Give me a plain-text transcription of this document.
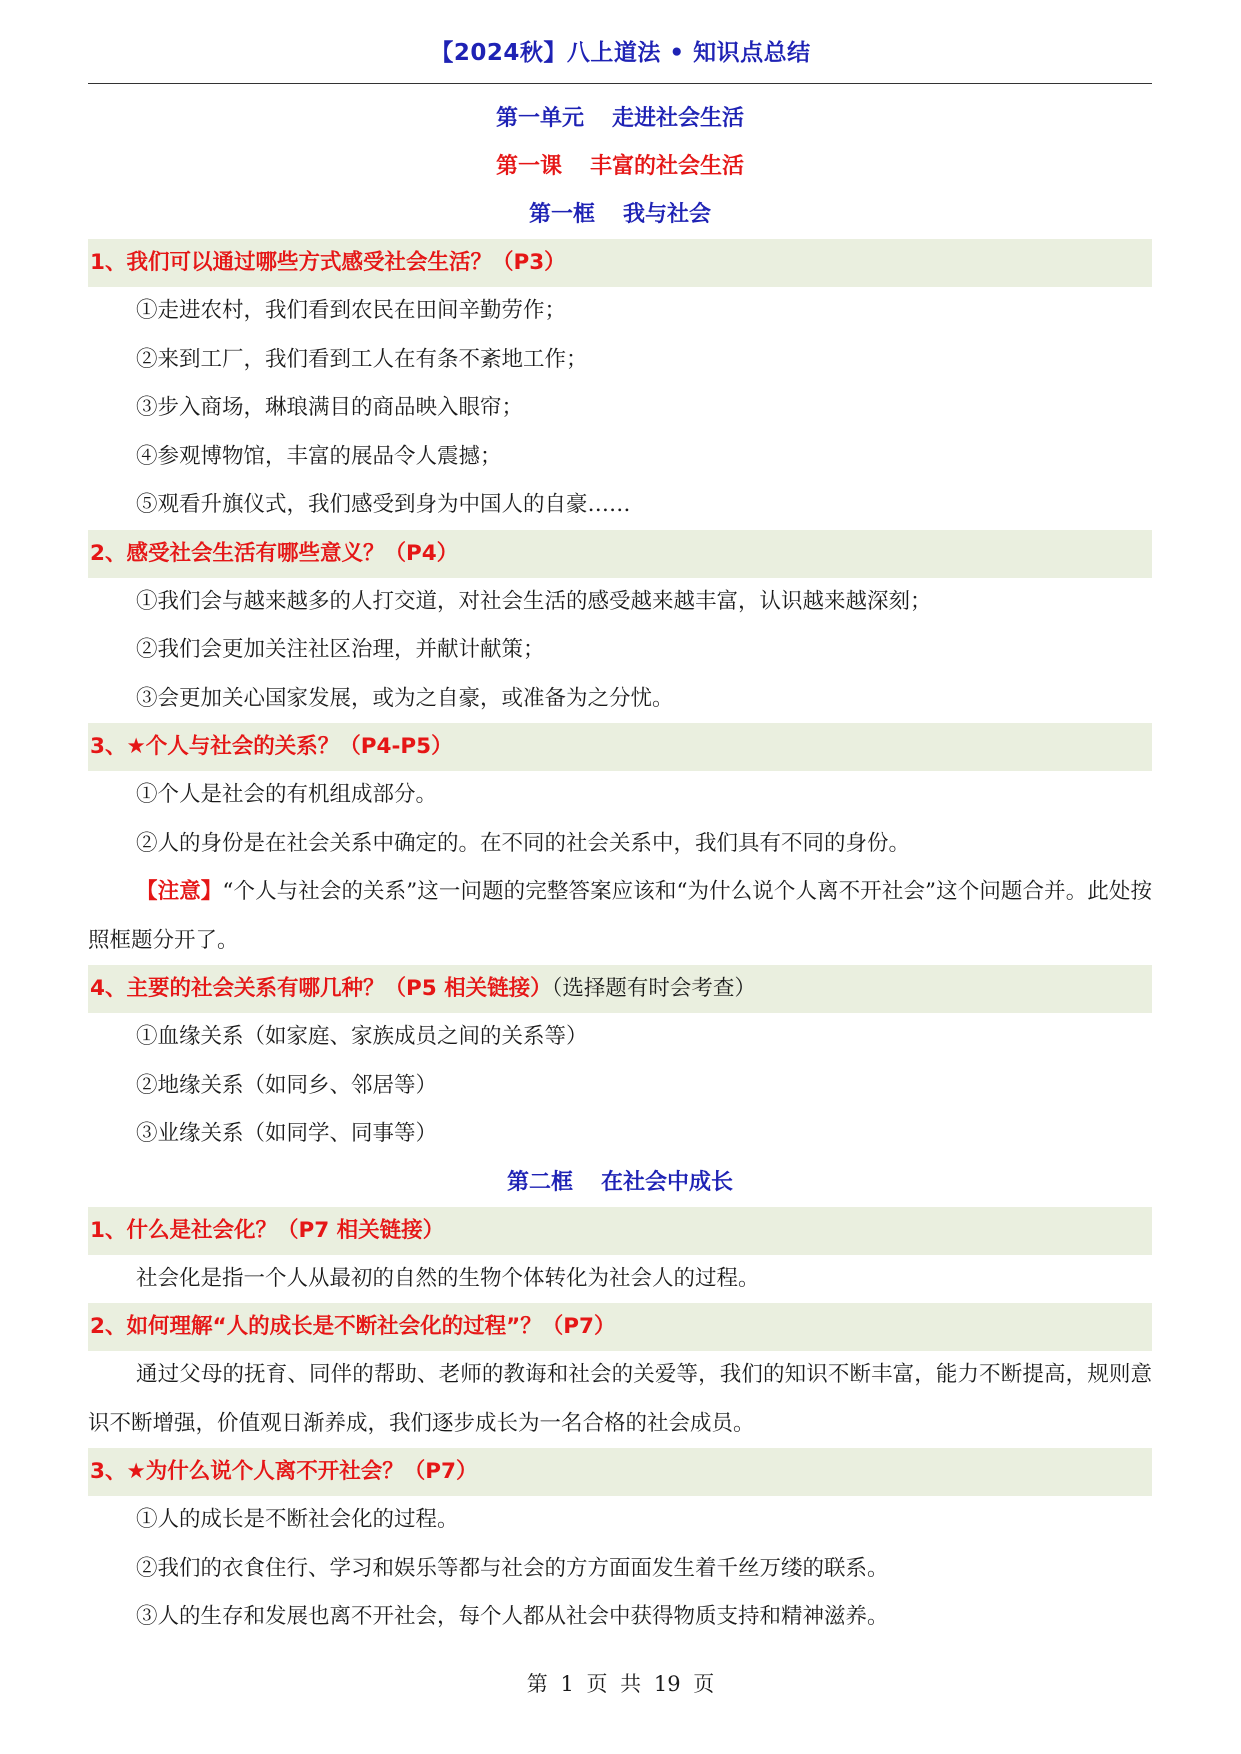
【2024秋】八上道法 • 知识点总结
第一单元 走进社会生活
第一课 丰富的社会生活
第一框 我与社会
1、我们可以通过哪些方式感受社会生活？（P3）
①走进农村，我们看到农民在田间辛勤劳作；
②来到工厂，我们看到工人在有条不紊地工作；
③步入商场，琳琅满目的商品映入眼帘；
④参观博物馆，丰富的展品令人震撼；
⑤观看升旗仪式，我们感受到身为中国人的自豪……
2、感受社会生活有哪些意义？（P4）
①我们会与越来越多的人打交道，对社会生活的感受越来越丰富，认识越来越深刻；
②我们会更加关注社区治理，并献计献策；
③会更加关心国家发展，或为之自豪，或准备为之分忧。
3、★个人与社会的关系？（P4-P5）
①个人是社会的有机组成部分。
②人的身份是在社会关系中确定的。在不同的社会关系中，我们具有不同的身份。
【注意】“个人与社会的关系”这一问题的完整答案应该和“为什么说个人离不开社会”这个问题合并。此处按照框题分开了。
4、主要的社会关系有哪几种？（P5 相关链接）（选择题有时会考查）
①血缘关系（如家庭、家族成员之间的关系等）
②地缘关系（如同乡、邻居等）
③业缘关系（如同学、同事等）
第二框 在社会中成长
1、什么是社会化？（P7 相关链接）
社会化是指一个人从最初的自然的生物个体转化为社会人的过程。
2、如何理解“人的成长是不断社会化的过程”？（P7）
通过父母的抚育、同伴的帮助、老师的教诲和社会的关爱等，我们的知识不断丰富，能力不断提高，规则意识不断增强，价值观日渐养成，我们逐步成长为一名合格的社会成员。
3、★为什么说个人离不开社会？（P7）
①人的成长是不断社会化的过程。
②我们的衣食住行、学习和娱乐等都与社会的方方面面发生着千丝万缕的联系。
③人的生存和发展也离不开社会，每个人都从社会中获得物质支持和精神滋养。
第 1 页 共 19 页
